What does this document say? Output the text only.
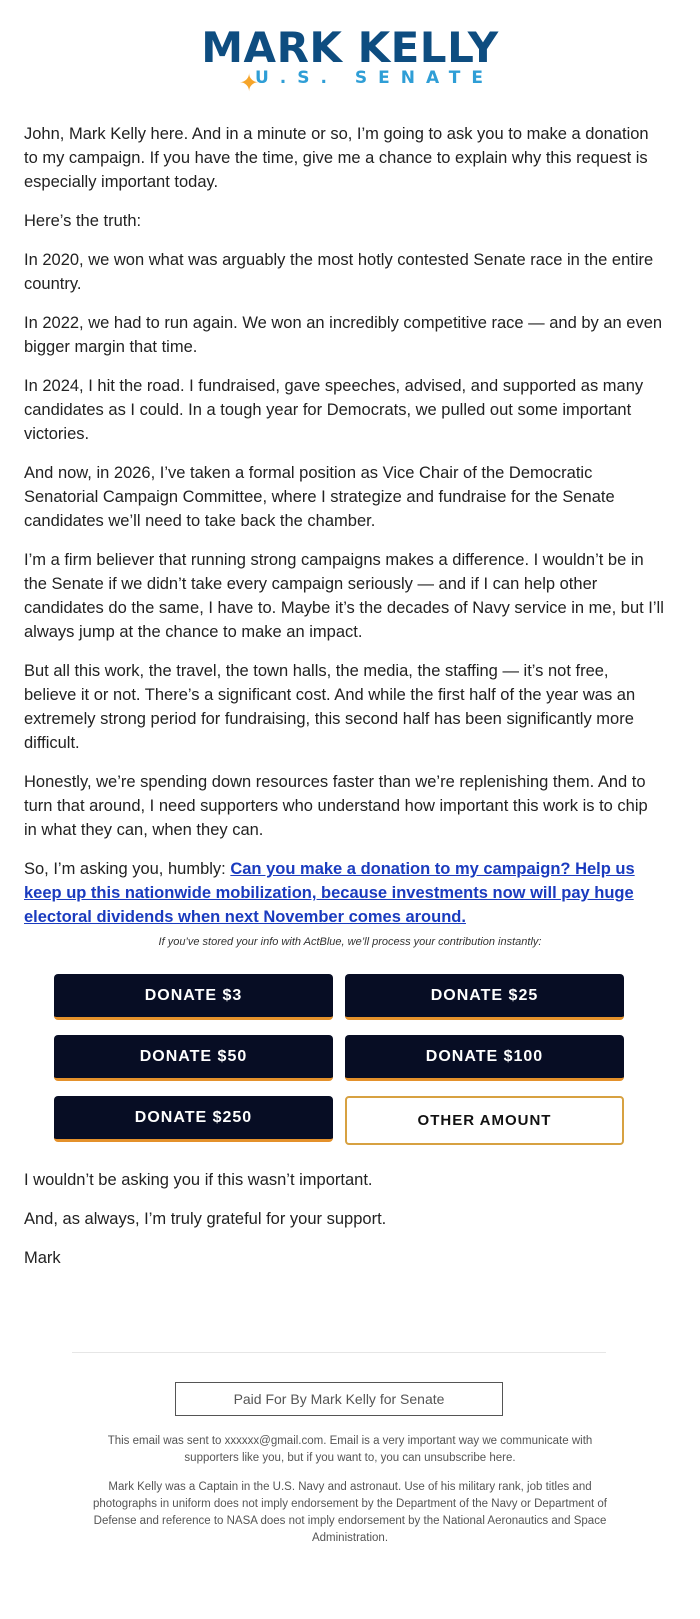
MARK KELLY
✦
U.S. SENATE

John, Mark Kelly here. And in a minute or so, I’m going to ask you to make a donation to my campaign. If you have the time, give me a chance to explain why this request is especially important today.

Here’s the truth:

In 2020, we won what was arguably the most hotly contested Senate race in the entire country.

In 2022, we had to run again. We won an incredibly competitive race — and by an even bigger margin that time.

In 2024, I hit the road. I fundraised, gave speeches, advised, and supported as many candidates as I could. In a tough year for Democrats, we pulled out some important victories.

And now, in 2026, I’ve taken a formal position as Vice Chair of the Democratic Senatorial Campaign Committee, where I strategize and fundraise for the Senate candidates we’ll need to take back the chamber.

I’m a firm believer that running strong campaigns makes a difference. I wouldn’t be in the Senate if we didn’t take every campaign seriously — and if I can help other candidates do the same, I have to. Maybe it’s the decades of Navy service in me, but I’ll always jump at the chance to make an impact.

But all this work, the travel, the town halls, the media, the staffing — it’s not free, believe it or not. There’s a significant cost. And while the first half of the year was an extremely strong period for fundraising, this second half has been significantly more difficult.

Honestly, we’re spending down resources faster than we’re replenishing them. And to turn that around, I need supporters who understand how important this work is to chip in what they can, when they can.

So, I’m asking you, humbly: Can you make a donation to my campaign? Help us keep up this nationwide mobilization, because investments now will pay huge electoral dividends when next November comes around.

If you’ve stored your info with ActBlue, we’ll process your contribution instantly:
DONATE $3	DONATE $25
DONATE $50	DONATE $100
DONATE $250	OTHER AMOUNT

I wouldn’t be asking you if this wasn’t important.

And, as always, I’m truly grateful for your support.

Mark

Paid For By Mark Kelly for Senate
This email was sent to xxxxxx@gmail.com. Email is a very important way we communicate with supporters like you, but if you want to, you can unsubscribe here.
Mark Kelly was a Captain in the U.S. Navy and astronaut. Use of his military rank, job titles and photographs in uniform does not imply endorsement by the Department of the Navy or Department of Defense and reference to NASA does not imply endorsement by the National Aeronautics and Space Administration.
